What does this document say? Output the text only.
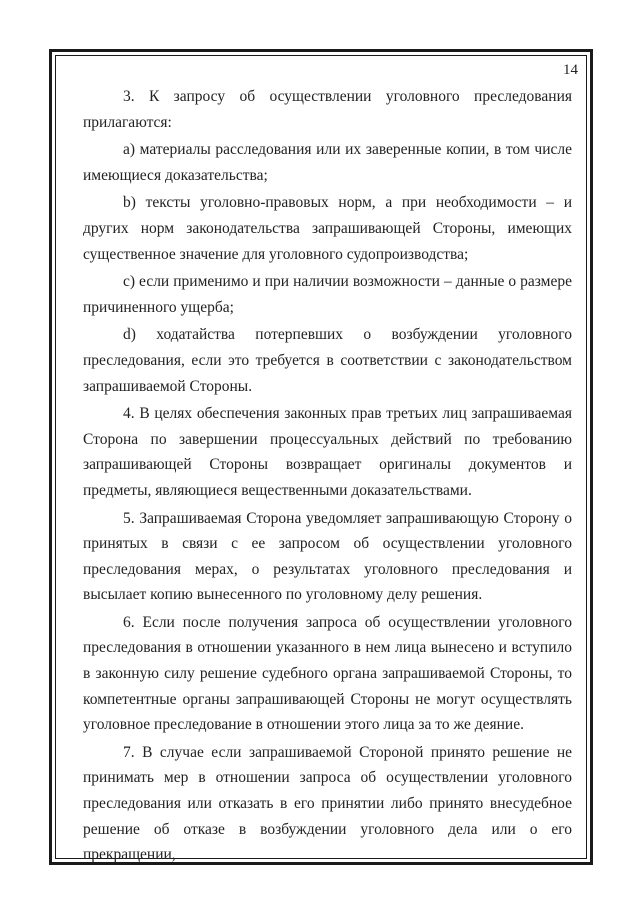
14

3. К запросу об осуществлении уголовного преследования прилагаются:

a) материалы расследования или их заверенные копии, в том числе имеющиеся доказательства;

b) тексты уголовно-правовых норм, а при необходимости – и других норм законодательства запрашивающей Стороны, имеющих существенное значение для уголовного судопроизводства;

c) если применимо и при наличии возможности – данные о размере причиненного ущерба;

d) ходатайства потерпевших о возбуждении уголовного преследования, если это требуется в соответствии с законодательством запрашиваемой Стороны.

4. В целях обеспечения законных прав третьих лиц запрашиваемая Сторона по завершении процессуальных действий по требованию запрашивающей Стороны возвращает оригиналы документов и предметы, являющиеся вещественными доказательствами.

5. Запрашиваемая Сторона уведомляет запрашивающую Сторону о принятых в связи с ее запросом об осуществлении уголовного преследования мерах, о результатах уголовного преследования и высылает копию вынесенного по уголовному делу решения.

6. Если после получения запроса об осуществлении уголовного преследования в отношении указанного в нем лица вынесено и вступило в законную силу решение судебного органа запрашиваемой Стороны, то компетентные органы запрашивающей Стороны не могут осуществлять уголовное преследование в отношении этого лица за то же деяние.

7. В случае если запрашиваемой Стороной принято решение не принимать мер в отношении запроса об осуществлении уголовного преследования или отказать в его принятии либо принято внесудебное решение об отказе в возбуждении уголовного дела или о его прекращении,
